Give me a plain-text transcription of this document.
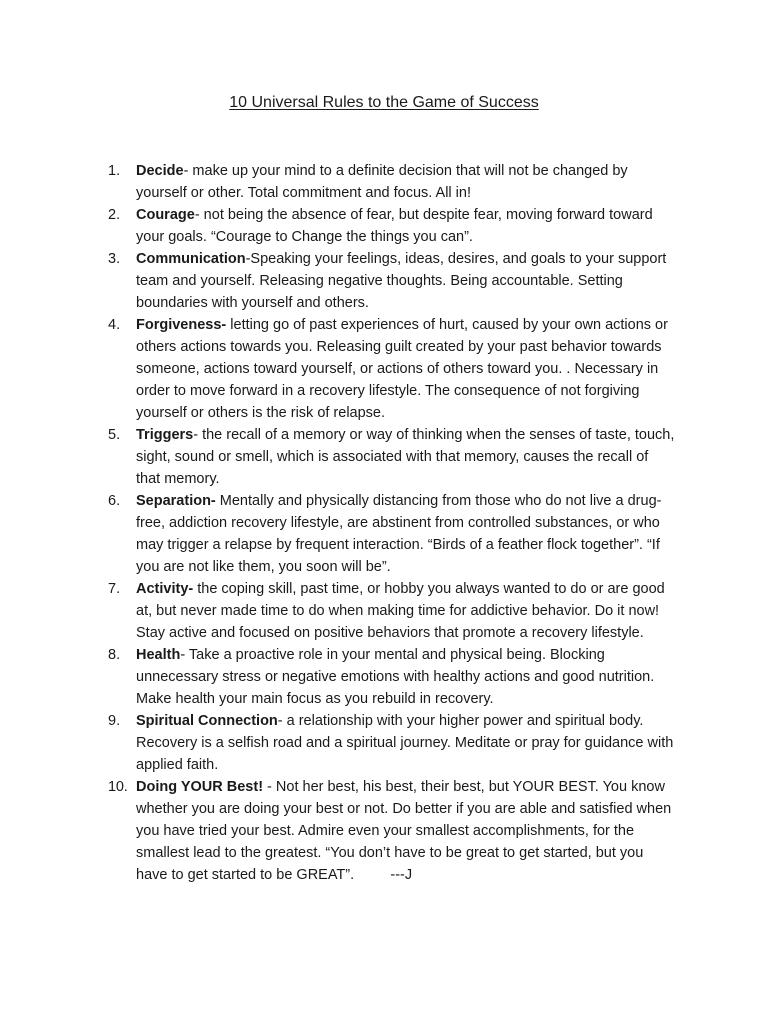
10 Universal Rules to the Game of Success
1.	Decide- make up your mind to a definite decision that will not be changed by yourself or other. Total commitment and focus. All in!
2.	Courage- not being the absence of fear, but despite fear, moving forward toward your goals. “Courage to Change the things you can”.
3.	Communication-Speaking your feelings, ideas, desires, and goals to your support team and yourself. Releasing negative thoughts. Being accountable. Setting boundaries with yourself and others.
4.	Forgiveness- letting go of past experiences of hurt, caused by your own actions or others actions towards you. Releasing guilt created by your past behavior towards someone, actions toward yourself, or actions of others toward you. . Necessary in order to move forward in a recovery lifestyle. The consequence of not forgiving yourself or others is the risk of relapse.
5.	Triggers- the recall of a memory or way of thinking when the senses of taste, touch, sight, sound or smell, which is associated with that memory, causes the recall of that memory.
6.	Separation- Mentally and physically distancing from those who do not live a drug-free, addiction recovery lifestyle, are abstinent from controlled substances, or who may trigger a relapse by frequent interaction. “Birds of a feather flock together”. “If you are not like them, you soon will be”.
7.	Activity- the coping skill, past time, or hobby you always wanted to do or are good at, but never made time to do when making time for addictive behavior. Do it now! Stay active and focused on positive behaviors that promote a recovery lifestyle.
8.	Health- Take a proactive role in your mental and physical being. Blocking unnecessary stress or negative emotions with healthy actions and good nutrition. Make health your main focus as you rebuild in recovery.
9.	Spiritual Connection- a relationship with your higher power and spiritual body. Recovery is a selfish road and a spiritual journey. Meditate or pray for guidance with applied faith.
10. Doing YOUR Best! - Not her best, his best, their best, but YOUR BEST. You know whether you are doing your best or not. Do better if you are able and satisfied when you have tried your best. Admire even your smallest accomplishments, for the smallest lead to the greatest. “You don’t have to be great to get started, but you have to get started to be GREAT”.         ---J
